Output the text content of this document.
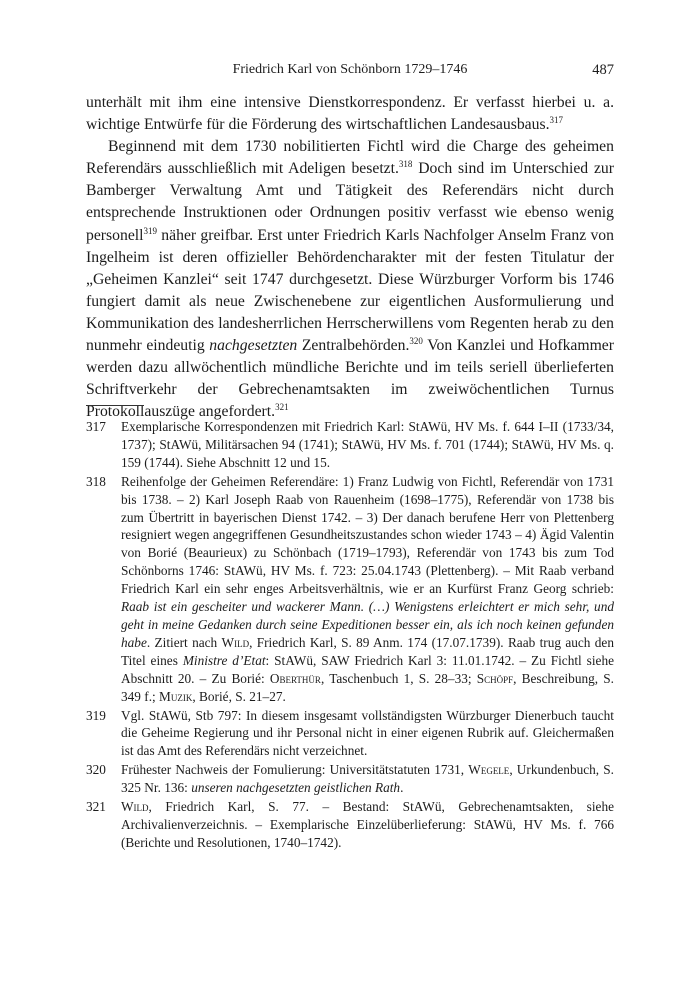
Friedrich Karl von Schönborn 1729–1746	487

unterhält mit ihm eine intensive Dienstkorrespondenz. Er verfasst hierbei u. a. wichtige Entwürfe für die Förderung des wirtschaftlichen Landesausbaus.$^{317}$

Beginnend mit dem 1730 nobilitierten Fichtl wird die Charge des geheimen Referendärs ausschließlich mit Adeligen besetzt.$^{318}$ Doch sind im Unterschied zur Bamberger Verwaltung Amt und Tätigkeit des Referendärs nicht durch entsprechende Instruktionen oder Ordnungen positiv verfasst wie ebenso wenig personell$^{319}$ näher greifbar. Erst unter Friedrich Karls Nachfolger Anselm Franz von Ingelheim ist deren offizieller Behördencharakter mit der festen Titulatur der „Geheimen Kanzlei“ seit 1747 durchgesetzt. Diese Würzburger Vorform bis 1746 fungiert damit als neue Zwischenebene zur eigentlichen Ausformulierung und Kommunikation des landesherrlichen Herrscherwillens vom Regenten herab zu den nunmehr eindeutig nachgesetzten Zentralbehörden.$^{320}$ Von Kanzlei und Hofkammer werden dazu allwöchentlich mündliche Berichte und im teils seriell überlieferten Schriftverkehr der Gebrechenamtsakten im zweiwöchentlichen Turnus Protokollauszüge angefordert.$^{321}$

317 Exemplarische Korrespondenzen mit Friedrich Karl: StAWü, HV Ms. f. 644 I–II (1733/34, 1737); StAWü, Militärsachen 94 (1741); StAWü, HV Ms. f. 701 (1744); StAWü, HV Ms. q. 159 (1744). Siehe Abschnitt 12 und 15.
318 Reihenfolge der Geheimen Referendäre: 1) Franz Ludwig von Fichtl, Referendär von 1731 bis 1738. – 2) Karl Joseph Raab von Rauenheim (1698–1775), Referendär von 1738 bis zum Übertritt in bayerischen Dienst 1742. – 3) Der danach berufene Herr von Plettenberg resigniert wegen angegriffenen Gesundheitszustandes schon wieder 1743 – 4) Ägid Valentin von Borié (Beaurieux) zu Schönbach (1719–1793), Referendär von 1743 bis zum Tod Schönborns 1746: StAWü, HV Ms. f. 723: 25.04.1743 (Plettenberg). – Mit Raab verband Friedrich Karl ein sehr enges Arbeitsverhältnis, wie er an Kurfürst Franz Georg schrieb: Raab ist ein gescheiter und wackerer Mann. (…) Wenigstens erleichtert er mich sehr, und geht in meine Gedanken durch seine Expeditionen besser ein, als ich noch keinen gefunden habe. Zitiert nach Wild, Friedrich Karl, S. 89 Anm. 174 (17.07.1739). Raab trug auch den Titel eines Ministre d’Etat: StAWü, SAW Friedrich Karl 3: 11.01.1742. – Zu Fichtl siehe Abschnitt 20. – Zu Borié: Oberthür, Taschenbuch 1, S. 28–33; Schöpf, Beschreibung, S. 349 f.; Muzik, Borié, S. 21–27.
319 Vgl. StAWü, Stb 797: In diesem insgesamt vollständigsten Würzburger Dienerbuch taucht die Geheime Regierung und ihr Personal nicht in einer eigenen Rubrik auf. Gleichermaßen ist das Amt des Referendärs nicht verzeichnet.
320 Frühester Nachweis der Fomulierung: Universitätstatuten 1731, Wegele, Urkundenbuch, S. 325 Nr. 136: unseren nachgesetzten geistlichen Rath.
321 Wild, Friedrich Karl, S. 77. – Bestand: StAWü, Gebrechenamtsakten, siehe Archivalienverzeichnis. – Exemplarische Einzelüberlieferung: StAWü, HV Ms. f. 766 (Berichte und Resolutionen, 1740–1742).
